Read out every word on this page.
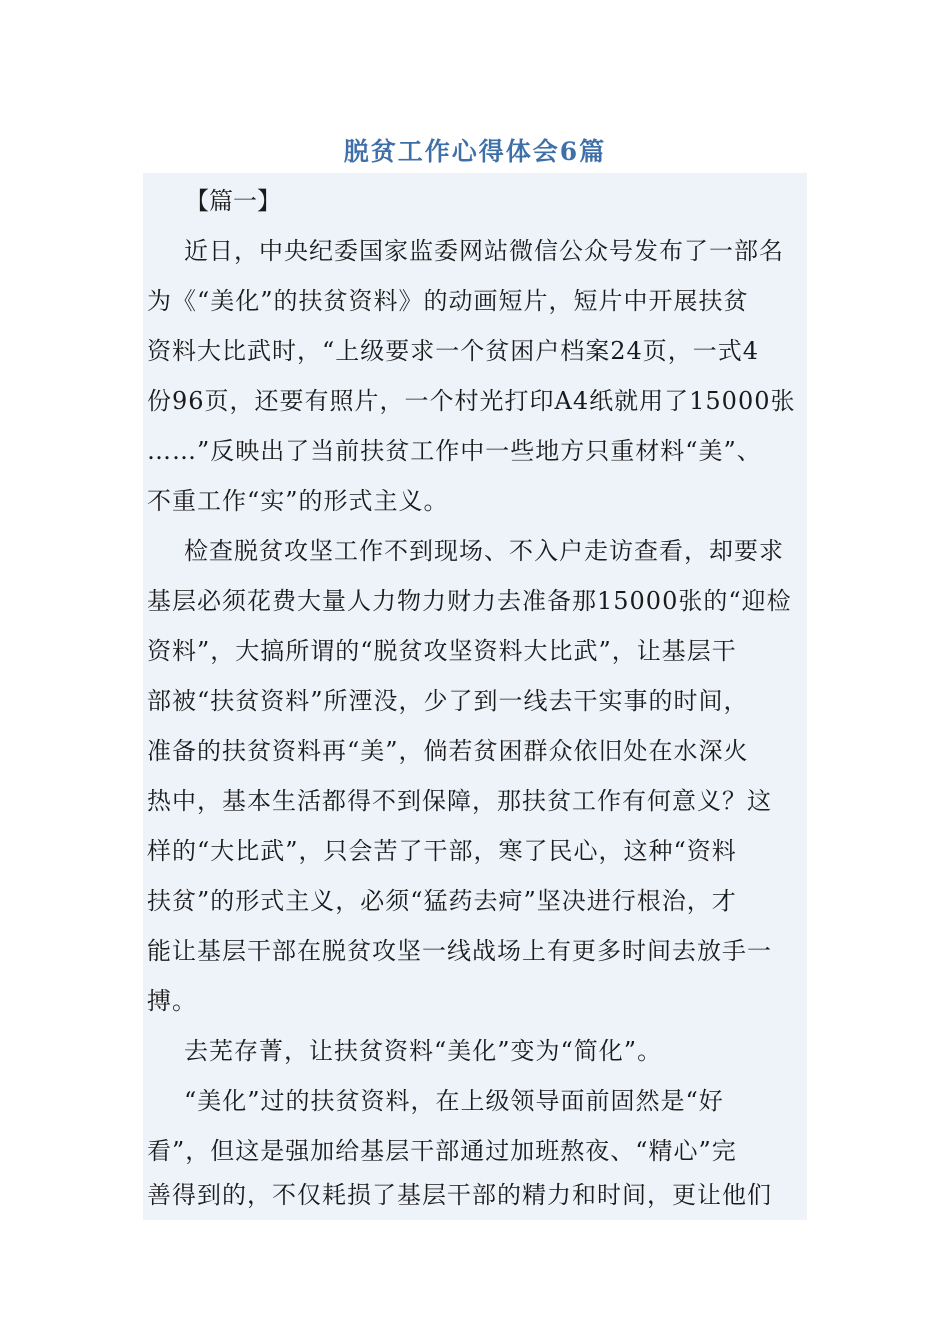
脱贫工作心得体会6篇
【篇一】
近日，中央纪委国家监委网站微信公众号发布了一部名
为《“美化”的扶贫资料》的动画短片，短片中开展扶贫
资料大比武时，“上级要求一个贫困户档案24页，一式4
份96页，还要有照片，一个村光打印A4纸就用了15000张
……”反映出了当前扶贫工作中一些地方只重材料“美”、
不重工作“实”的形式主义。
检查脱贫攻坚工作不到现场、不入户走访查看，却要求
基层必须花费大量人力物力财力去准备那15000张的“迎检
资料”，大搞所谓的“脱贫攻坚资料大比武”，让基层干
部被“扶贫资料”所湮没，少了到一线去干实事的时间，
准备的扶贫资料再“美”，倘若贫困群众依旧处在水深火
热中，基本生活都得不到保障，那扶贫工作有何意义？这
样的“大比武”，只会苦了干部，寒了民心，这种“资料
扶贫”的形式主义，必须“猛药去疴”坚决进行根治，才
能让基层干部在脱贫攻坚一线战场上有更多时间去放手一
搏。
去芜存菁，让扶贫资料“美化”变为“简化”。
“美化”过的扶贫资料，在上级领导面前固然是“好
看”，但这是强加给基层干部通过加班熬夜、“精心”完
善得到的，不仅耗损了基层干部的精力和时间，更让他们
